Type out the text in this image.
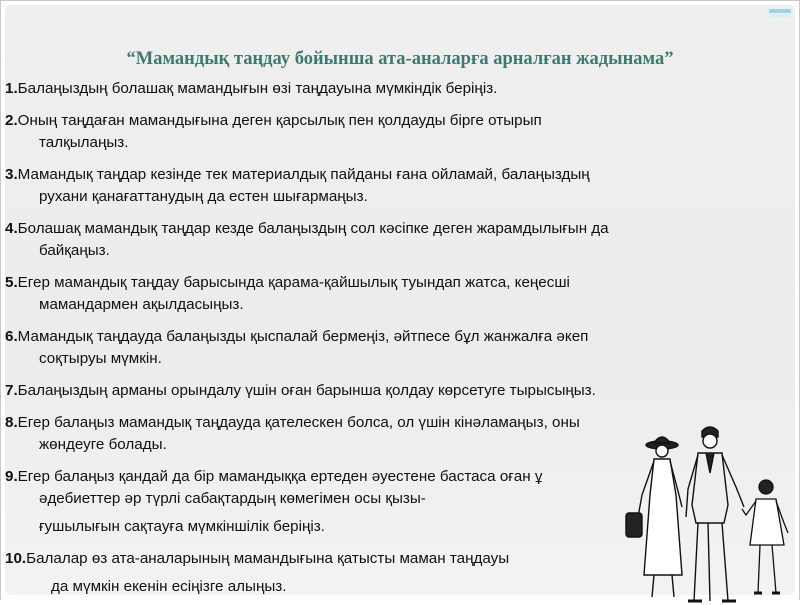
“Мамандық таңдау бойынша ата-аналарға арналған жадынама”
1.Балаңыздың болашақ мамандығын өзі таңдауына мүмкіндік беріңіз.
2.Оның таңдаған мамандығына деген қарсылық пен қолдауды бірге отырып
талқылаңыз.
3.Мамандық таңдар кезінде тек материалдық пайданы ғана ойламай, балаңыздың
рухани қанағаттанудың да естен шығармаңыз.
4.Болашақ мамандық таңдар кезде балаңыздың сол кәсіпке деген жарамдылығын да
байқаңыз.
5.Егер мамандық таңдау барысында қарама-қайшылық туындап жатса, кеңесші
мамандармен ақылдасыңыз.
6.Мамандық таңдауда балаңызды қыспалай бермеңіз, әйтпесе бұл жанжалға әкеп
соқтыруы мүмкін.
7.Балаңыздың арманы орындалу үшін оған барынша қолдау көрсетуге тырысыңыз.
8.Егер балаңыз мамандық таңдауда қателескен болса, ол үшін кінәламаңыз, оны
жөндеуге болады.
9.Егер балаңыз қандай да бір мамандыққа ертеден әуестене бастаса оған ұ
әдебиеттер әр түрлі сабақтардың көмегімен осы қызы-
ғушылығын сақтауға мүмкіншілік беріңіз.
10.Балалар өз ата-аналарының мамандығына қатысты маман таңдауы
да мүмкін екенін есіңізге алыңыз.
